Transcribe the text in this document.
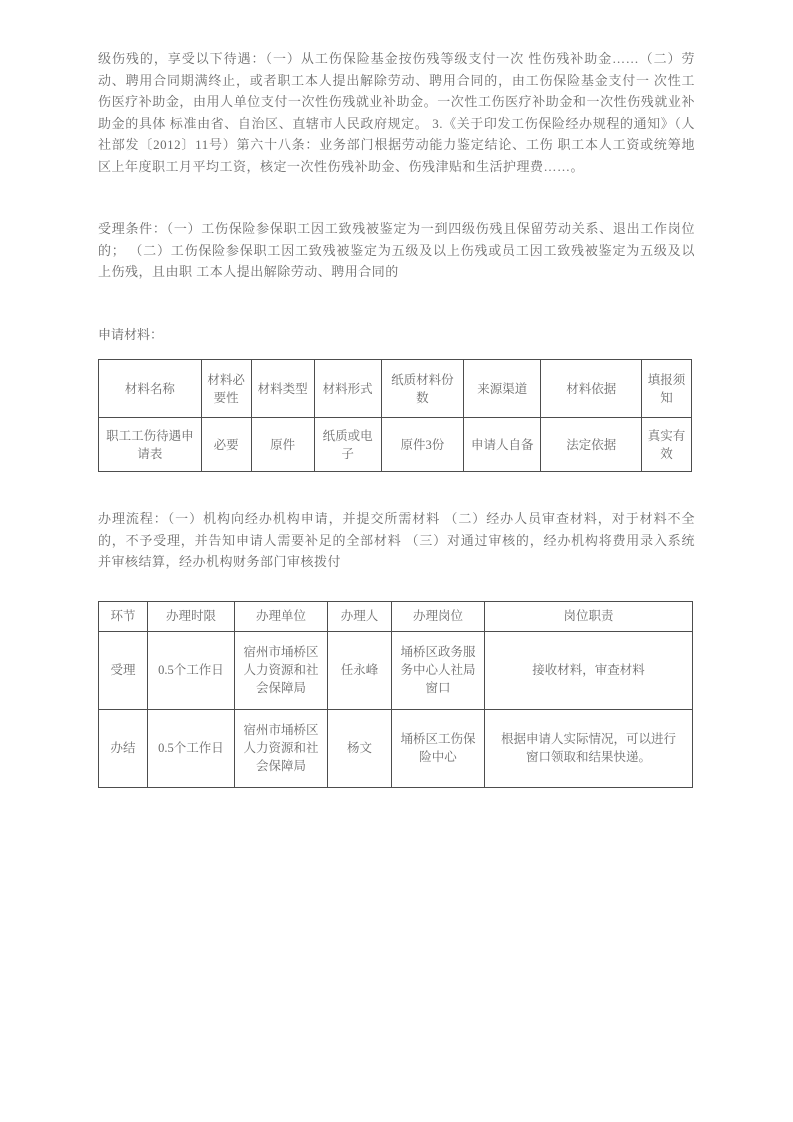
级伤残的，享受以下待遇：（一）从工伤保险基金按伤残等级支付一次 性伤残补助金……（二）劳动、聘用合同期满终止，或者职工本人提出解除劳动、聘用合同的，由工伤保险基金支付一 次性工伤医疗补助金，由用人单位支付一次性伤残就业补助金。一次性工伤医疗补助金和一次性伤残就业补助金的具体 标准由省、自治区、直辖市人民政府规定。 3.《关于印发工伤保险经办规程的通知》（人社部发〔2012〕11号）第六十八条：业务部门根据劳动能力鉴定结论、工伤 职工本人工资或统筹地区上年度职工月平均工资，核定一次性伤残补助金、伤残津贴和生活护理费……。

受理条件：（一）工伤保险参保职工因工致残被鉴定为一到四级伤残且保留劳动关系、退出工作岗位的； （二）工伤保险参保职工因工致残被鉴定为五级及以上伤残或员工因工致残被鉴定为五级及以上伤残，且由职 工本人提出解除劳动、聘用合同的

申请材料：

材料名称	材料必要性	材料类型	材料形式	纸质材料份数	来源渠道	材料依据	填报须知
职工工伤待遇申请表	必要	原件	纸质或电子	原件3份	申请人自备	法定依据	真实有效

办理流程：（一）机构向经办机构申请，并提交所需材料 （二）经办人员审查材料，对于材料不全的，不予受理，并告知申请人需要补足的全部材料 （三）对通过审核的，经办机构将费用录入系统并审核结算，经办机构财务部门审核拨付

环节	办理时限	办理单位	办理人	办理岗位	岗位职责
受理	0.5个工作日	宿州市埇桥区人力资源和社会保障局	任永峰	埇桥区政务服务中心人社局窗口	接收材料，审查材料
办结	0.5个工作日	宿州市埇桥区人力资源和社会保障局	杨文	埇桥区工伤保险中心	根据申请人实际情况，可以进行窗口领取和结果快递。
